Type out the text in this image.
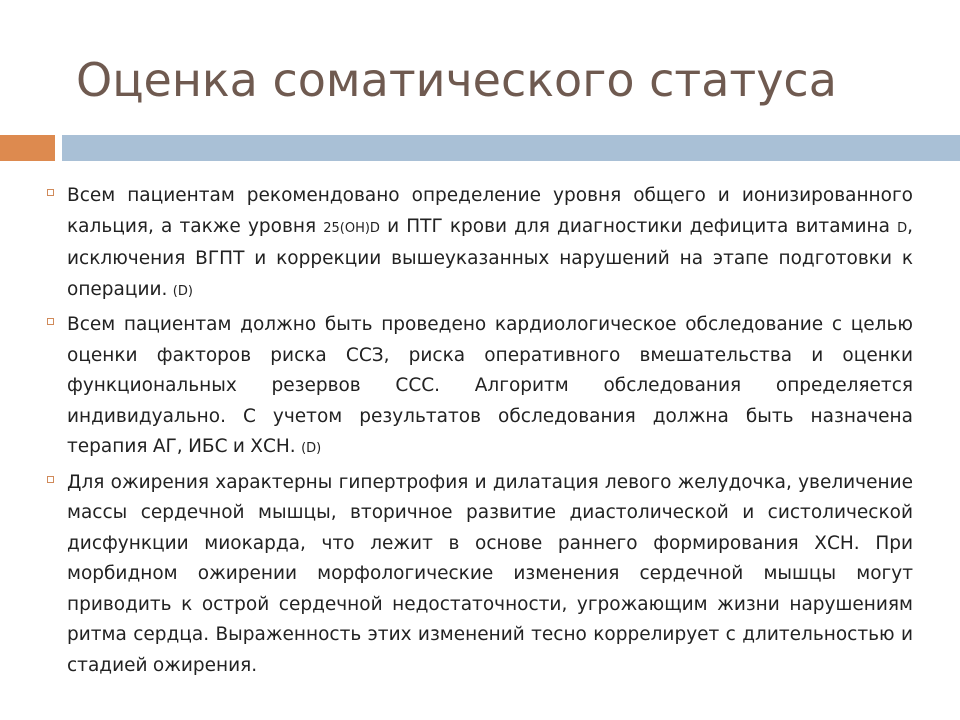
Оценка соматического статуса
Всем пациентам рекомендовано определение уровня общего и ионизированного кальция, а также уровня 25(OH)D и ПТГ крови для диагностики дефицита витамина D, исключения ВГПТ и коррекции вышеуказанных нарушений на этапе подготовки к операции. (D)
Всем пациентам должно быть проведено кардиологическое обследование с целью оценки факторов риска ССЗ, риска оперативного вмешательства и оценки функциональных резервов ССС. Алгоритм обследования определяется индивидуально. С учетом результатов обследования должна быть назначена терапия АГ, ИБС и ХСН. (D)
Для ожирения характерны гипертрофия и дилатация левого желудочка, увеличение массы сердечной мышцы, вторичное развитие диастолической и систолической дисфункции миокарда, что лежит в основе раннего формирования ХСН. При морбидном ожирении морфологические изменения сердечной мышцы могут приводить к острой сердечной недостаточности, угрожающим жизни нарушениям ритма сердца. Выраженность этих изменений тесно коррелирует с длительностью и стадией ожирения.
